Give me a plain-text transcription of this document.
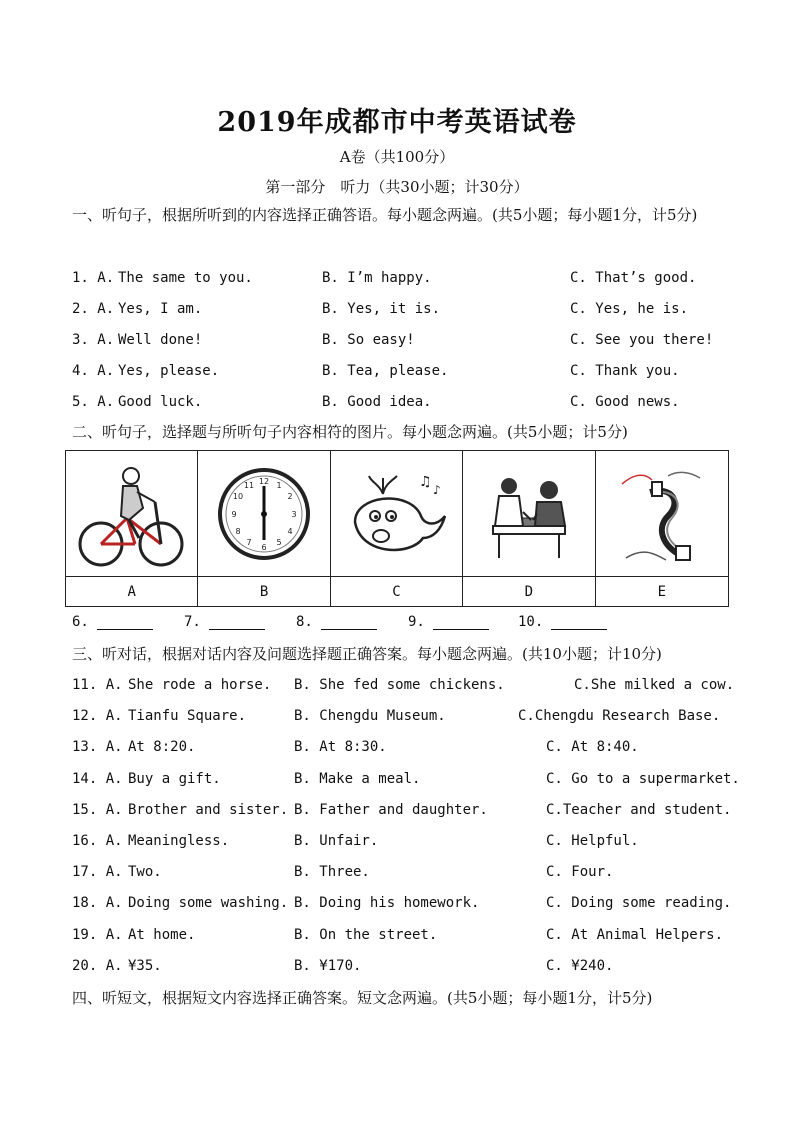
2019年成都市中考英语试卷
A卷（共100分）
第一部分　听力（共30小题；计30分）
一、听句子，根据所听到的内容选择正确答语。每小题念两遍。(共5小题；每小题1分，计5分)
1. A. The same to you.	B. I’m happy.	C. That’s good.
2. A. Yes, I am.	B. Yes, it is.	C. Yes, he is.
3. A. Well done!	B. So easy!	C. See you there!
4. A. Yes, please.	B. Tea, please.	C. Thank you.
5. A. Good luck.	B. Good idea.	C. Good news.
二、听句子，选择题与所听句子内容相符的图片。每小题念两遍。(共5小题；计5分)
12 1
2
3
4
5
6
7
8
9
10
11	♫ ♪
A	B	C	D	E
6.	7.	8.	9.	10.
三、听对话，根据对话内容及问题选择题正确答案。每小题念两遍。(共10小题；计10分)
11. A. She rode a horse. B. She fed some chickens.	C.She milked a cow.
12. A. Tianfu Square.	B. Chengdu Museum.	C.Chengdu Research Base.
13. A. At 8:20.	B. At 8:30.	C. At 8:40.
14. A. Buy a gift.	B. Make a meal.	C. Go to a supermarket.
15. A. Brother and sister. B. Father and daughter.	C.Teacher and student.
16. A. Meaningless.	B. Unfair.	C. Helpful.
17. A. Two.	B. Three.	C. Four.
18. A. Doing some washing. B. Doing his homework.	C. Doing some reading.
19. A. At home.	B. On the street.	C. At Animal Helpers.
20. A. ¥35.	B. ¥170.	C. ¥240.
四、听短文，根据短文内容选择正确答案。短文念两遍。(共5小题；每小题1分，计5分)
